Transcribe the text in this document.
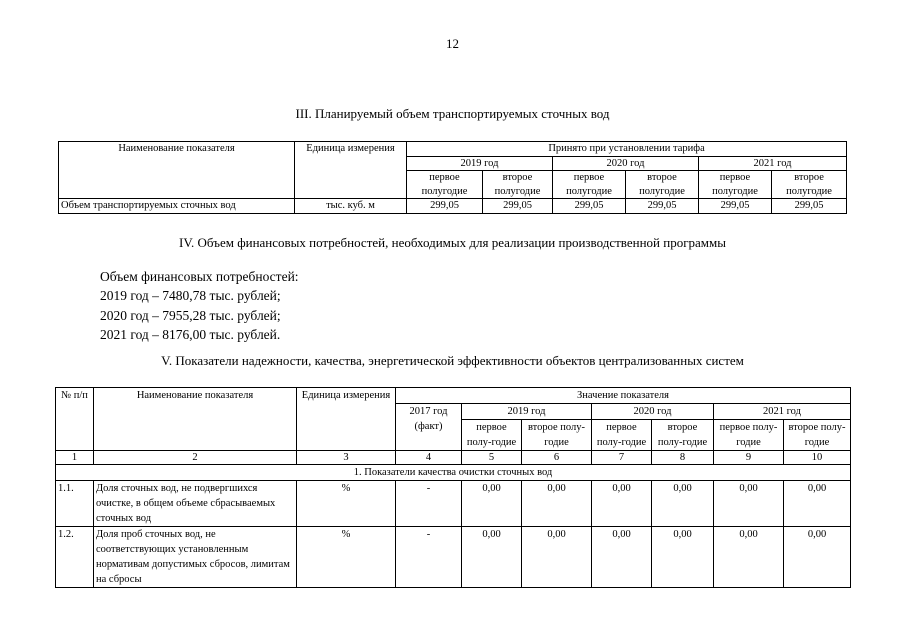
12
III. Планируемый объем транспортируемых сточных вод
Наименование показателя	Единица измерения	Принято при установлении тарифа					
		2019 год		2020 год		2021 год	
		первое полугодие	второе полугодие	первое полугодие	второе полугодие	первое полугодие	второе полугодие
Объем транспортируемых сточных вод	тыс. куб. м	299,05	299,05	299,05	299,05	299,05	299,05
IV. Объем финансовых потребностей, необходимых для реализации производственной программы
Объем финансовых потребностей:
2019 год – 7480,78 тыс. рублей;
2020 год – 7955,28 тыс. рублей;
2021 год – 8176,00 тыс. рублей.
V. Показатели надежности, качества, энергетической эффективности объектов централизованных систем
№ п/п	Наименование показателя	Единица измерения	Значение показателя						
			2017 год (факт)	2019 год		2020 год		2021 год	
				первое полу-годие	второе полу-годие	первое полу-годие	второе полу-годие	первое полу-годие	второе полу-годие
1	2	3	4	5	6	7	8	9	10
1. Показатели качества очистки сточных вод									
1.1.	Доля сточных вод, не подвергшихся очистке, в общем объеме сбрасываемых сточных вод	%	-	0,00	0,00	0,00	0,00	0,00	0,00
1.2.	Доля проб сточных вод, не соответствующих установленным нормативам допустимых сбросов, лимитам на сбросы	%	-	0,00	0,00	0,00	0,00	0,00	0,00
